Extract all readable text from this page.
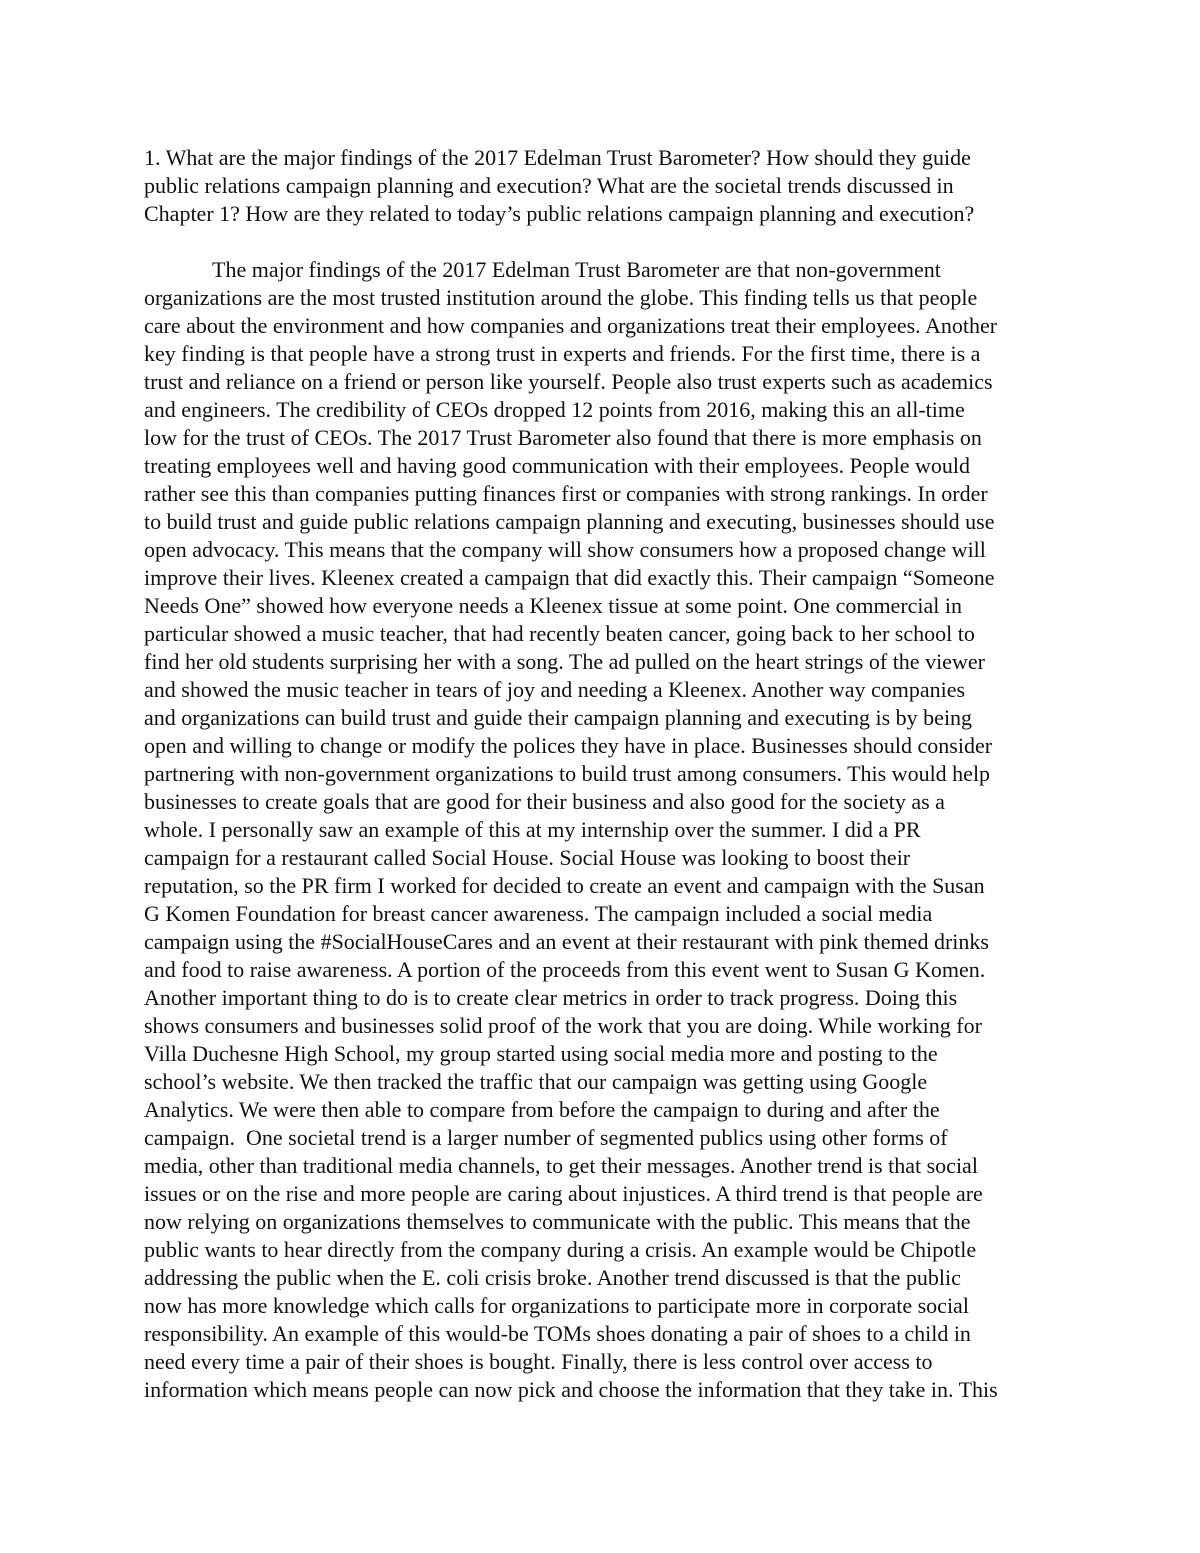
1. What are the major findings of the 2017 Edelman Trust Barometer? How should they guide
public relations campaign planning and execution? What are the societal trends discussed in
Chapter 1? How are they related to today’s public relations campaign planning and execution?
The major findings of the 2017 Edelman Trust Barometer are that non-government
organizations are the most trusted institution around the globe. This finding tells us that people
care about the environment and how companies and organizations treat their employees. Another
key finding is that people have a strong trust in experts and friends. For the first time, there is a
trust and reliance on a friend or person like yourself. People also trust experts such as academics
and engineers. The credibility of CEOs dropped 12 points from 2016, making this an all-time
low for the trust of CEOs. The 2017 Trust Barometer also found that there is more emphasis on
treating employees well and having good communication with their employees. People would
rather see this than companies putting finances first or companies with strong rankings. In order
to build trust and guide public relations campaign planning and executing, businesses should use
open advocacy. This means that the company will show consumers how a proposed change will
improve their lives. Kleenex created a campaign that did exactly this. Their campaign “Someone
Needs One” showed how everyone needs a Kleenex tissue at some point. One commercial in
particular showed a music teacher, that had recently beaten cancer, going back to her school to
find her old students surprising her with a song. The ad pulled on the heart strings of the viewer
and showed the music teacher in tears of joy and needing a Kleenex. Another way companies
and organizations can build trust and guide their campaign planning and executing is by being
open and willing to change or modify the polices they have in place. Businesses should consider
partnering with non-government organizations to build trust among consumers. This would help
businesses to create goals that are good for their business and also good for the society as a
whole. I personally saw an example of this at my internship over the summer. I did a PR
campaign for a restaurant called Social House. Social House was looking to boost their
reputation, so the PR firm I worked for decided to create an event and campaign with the Susan
G Komen Foundation for breast cancer awareness. The campaign included a social media
campaign using the #SocialHouseCares and an event at their restaurant with pink themed drinks
and food to raise awareness. A portion of the proceeds from this event went to Susan G Komen.
Another important thing to do is to create clear metrics in order to track progress. Doing this
shows consumers and businesses solid proof of the work that you are doing. While working for
Villa Duchesne High School, my group started using social media more and posting to the
school’s website. We then tracked the traffic that our campaign was getting using Google
Analytics. We were then able to compare from before the campaign to during and after the
campaign.  One societal trend is a larger number of segmented publics using other forms of
media, other than traditional media channels, to get their messages. Another trend is that social
issues or on the rise and more people are caring about injustices. A third trend is that people are
now relying on organizations themselves to communicate with the public. This means that the
public wants to hear directly from the company during a crisis. An example would be Chipotle
addressing the public when the E. coli crisis broke. Another trend discussed is that the public
now has more knowledge which calls for organizations to participate more in corporate social
responsibility. An example of this would-be TOMs shoes donating a pair of shoes to a child in
need every time a pair of their shoes is bought. Finally, there is less control over access to
information which means people can now pick and choose the information that they take in. This
